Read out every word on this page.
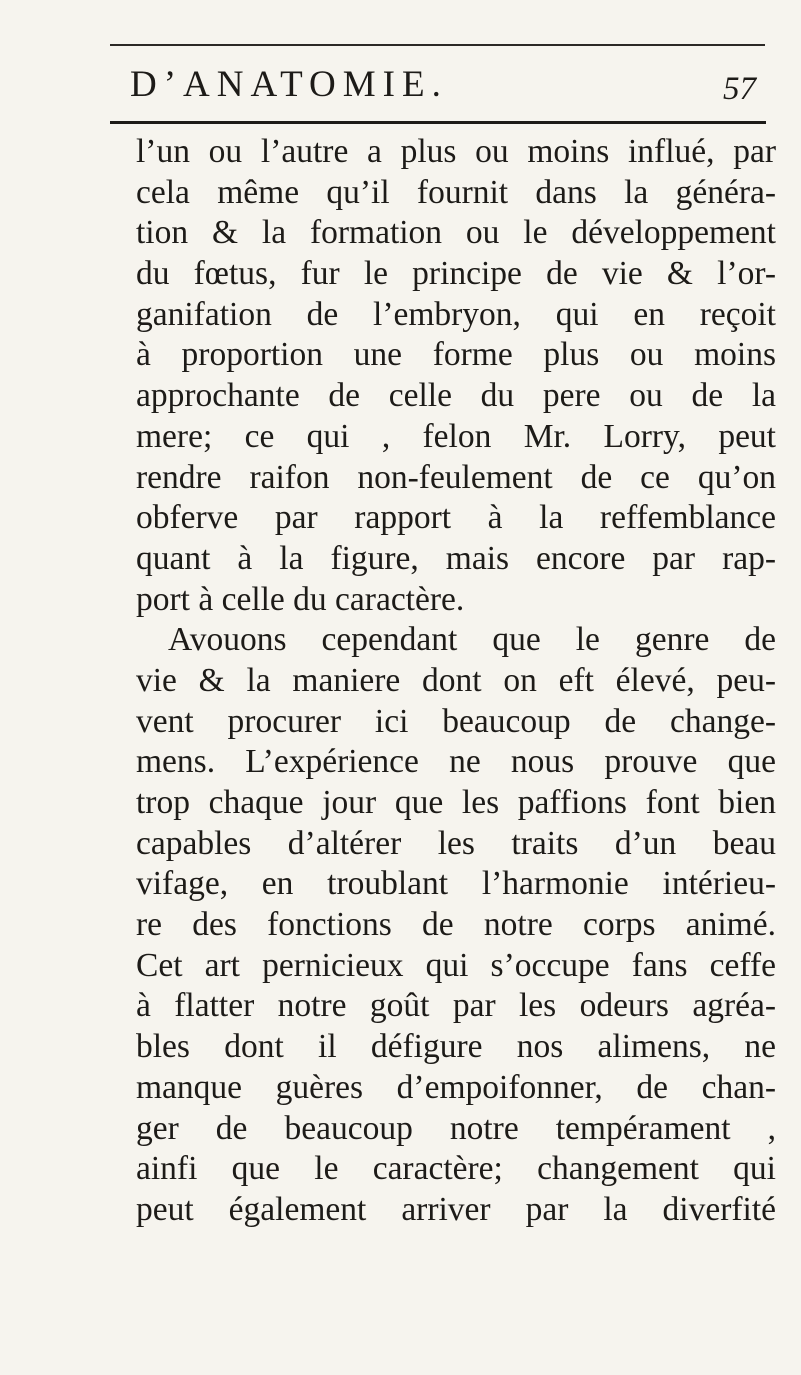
D’ANATOMIE.	57
l’un ou l’autre a plus ou moins influé, par
cela même qu’il fournit dans la généra-
tion & la formation ou le développement
du fœtus, fur le principe de vie & l’or-
ganifation de l’embryon, qui en reçoit
à proportion une forme plus ou moins
approchante de celle du pere ou de la
mere; ce qui , felon Mr. Lorry, peut
rendre raifon non-feulement de ce qu’on
obferve par rapport à la reffemblance
quant à la figure, mais encore par rap-
port à celle du caractère.
Avouons cependant que le genre de
vie & la maniere dont on eft élevé, peu-
vent procurer ici beaucoup de change-
mens. L’expérience ne nous prouve que
trop chaque jour que les paffions font bien
capables d’altérer les traits d’un beau
vifage, en troublant l’harmonie intérieu-
re des fonctions de notre corps animé.
Cet art pernicieux qui s’occupe fans ceffe
à flatter notre goût par les odeurs agréa-
bles dont il défigure nos alimens, ne
manque guères d’empoifonner, de chan-
ger de beaucoup notre tempérament ,
ainfi que le caractère; changement qui
peut également arriver par la diverfité
